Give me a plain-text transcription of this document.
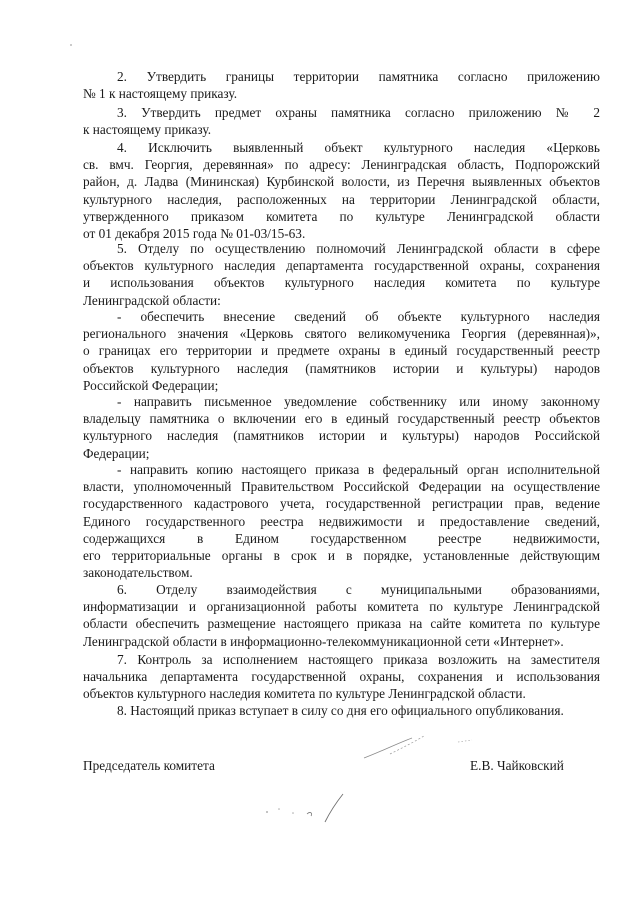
2. Утвердить границы территории памятника согласно приложению
№ 1 к настоящему приказу.
3. Утвердить предмет охраны памятника согласно приложению № 2
к настоящему приказу.
4. Исключить выявленный объект культурного наследия «Церковь
св. вмч. Георгия, деревянная» по адресу: Ленинградская область, Подпорожский
район, д. Ладва (Мининская) Курбинской волости, из Перечня выявленных объектов
культурного наследия, расположенных на территории Ленинградской области,
утвержденного приказом комитета по культуре Ленинградской области
от 01 декабря 2015 года № 01-03/15-63.
5. Отделу по осуществлению полномочий Ленинградской области в сфере
объектов культурного наследия департамента государственной охраны, сохранения
и использования объектов культурного наследия комитета по культуре
Ленинградской области:
- обеспечить внесение сведений об объекте культурного наследия
регионального значения «Церковь святого великомученика Георгия (деревянная)»,
о границах его территории и предмете охраны в единый государственный реестр
объектов культурного наследия (памятников истории и культуры) народов
Российской Федерации;
- направить письменное уведомление собственнику или иному законному
владельцу памятника о включении его в единый государственный реестр объектов
культурного наследия (памятников истории и культуры) народов Российской
Федерации;
- направить копию настоящего приказа в федеральный орган исполнительной
власти, уполномоченный Правительством Российской Федерации на осуществление
государственного кадастрового учета, государственной регистрации прав, ведение
Единого государственного реестра недвижимости и предоставление сведений,
содержащихся в Едином государственном реестре недвижимости,
его территориальные органы в срок и в порядке, установленные действующим
законодательством.
6. Отделу взаимодействия с муниципальными образованиями,
информатизации и организационной работы комитета по культуре Ленинградской
области обеспечить размещение настоящего приказа на сайте комитета по культуре
Ленинградской области в информационно-телекоммуникационной сети «Интернет».
7. Контроль за исполнением настоящего приказа возложить на заместителя
начальника департамента государственной охраны, сохранения и использования
объектов культурного наследия комитета по культуре Ленинградской области.
8. Настоящий приказ вступает в силу со дня его официального опубликования.
Председатель комитета	Е.В. Чайковский
